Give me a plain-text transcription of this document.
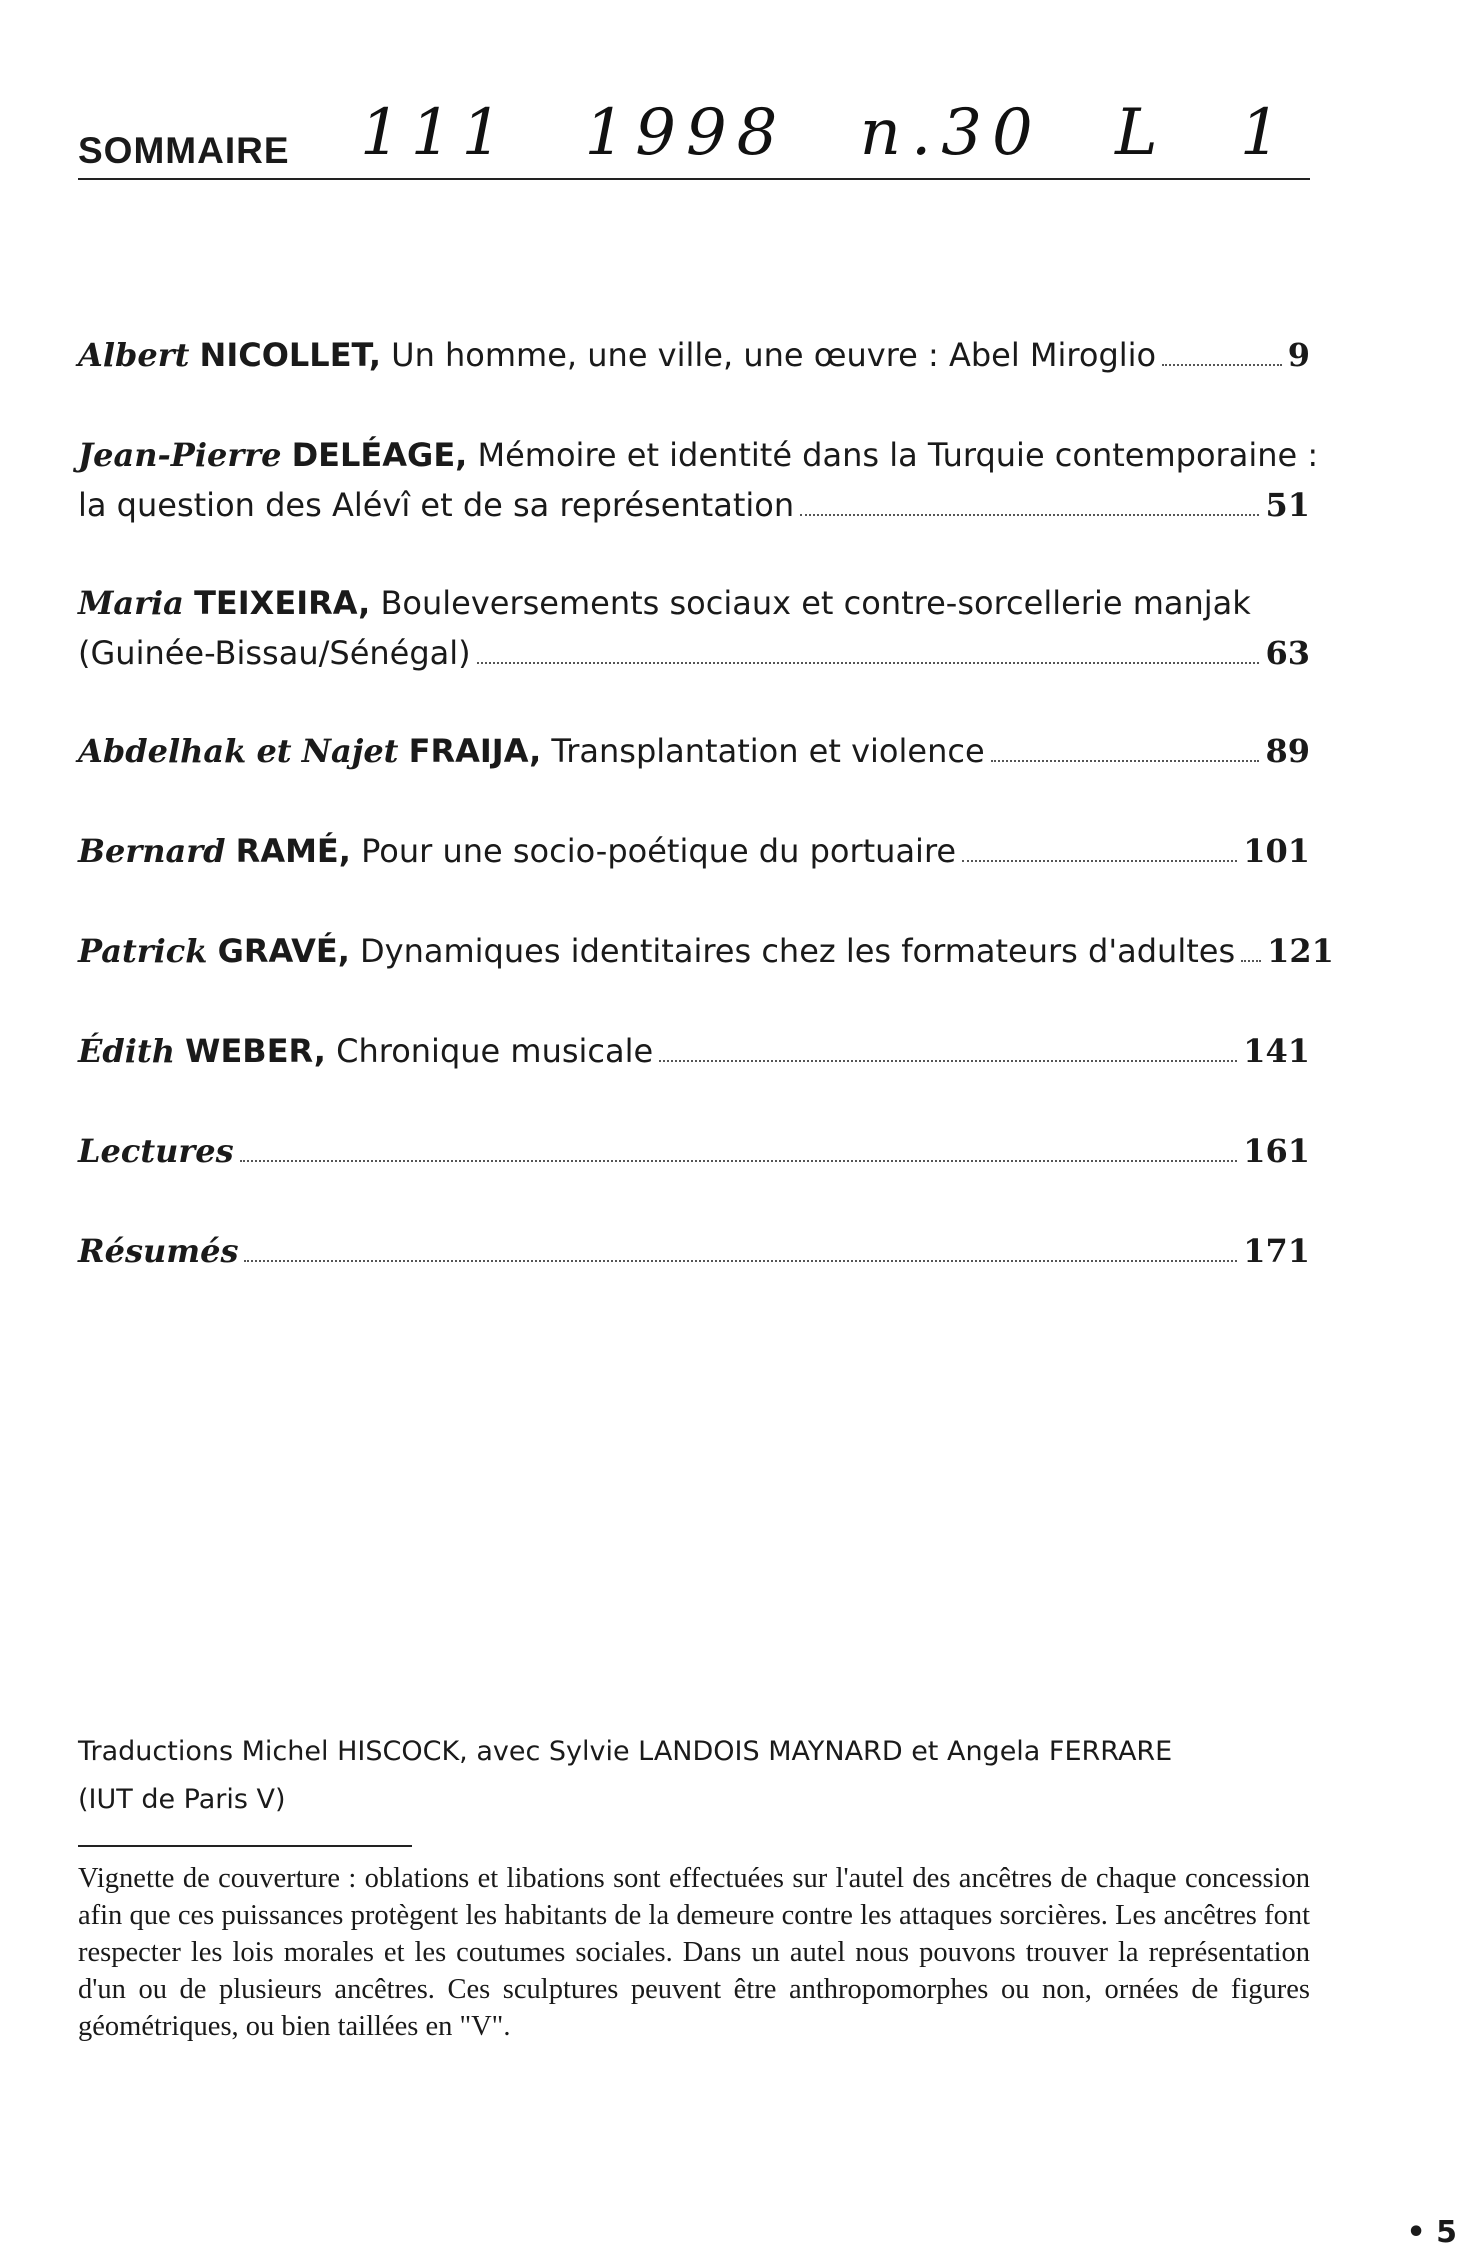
SOMMAIRE 111 1998 n.30 L 1
Albert
NICOLLET,
Un homme, une ville, une œuvre : Abel Miroglio	9
Jean-Pierre
DELÉAGE,
Mémoire et identité dans la Turquie contemporaine :
la question des Alévî et de sa représentation	51
Maria
TEIXEIRA,
Bouleversements sociaux et contre-sorcellerie manjak
(Guinée-Bissau/Sénégal)	63
Abdelhak
et
Najet
FRAIJA,
Transplantation et violence	89
Bernard
RAMÉ,
Pour une socio-poétique du portuaire	101
Patrick
GRAVÉ,
Dynamiques identitaires chez les formateurs d'adultes 121
Édith
WEBER,
Chronique musicale	141
Lectures	161
Résumés	171
Traductions Michel HISCOCK, avec Sylvie LANDOIS MAYNARD et Angela FERRARE
(IUT de Paris V)
Vignette de couverture : oblations et libations sont effectuées sur l'autel des ancêtres de chaque concession afin que ces puissances protègent les habitants de la demeure contre les attaques sorcières. Les ancêtres font respecter les lois morales et les coutumes sociales. Dans un autel nous pouvons trouver la représentation d'un ou de plusieurs ancêtres. Ces sculptures peuvent être anthropomorphes ou non, ornées de figures géométriques, ou bien taillées en "V".
• 5
